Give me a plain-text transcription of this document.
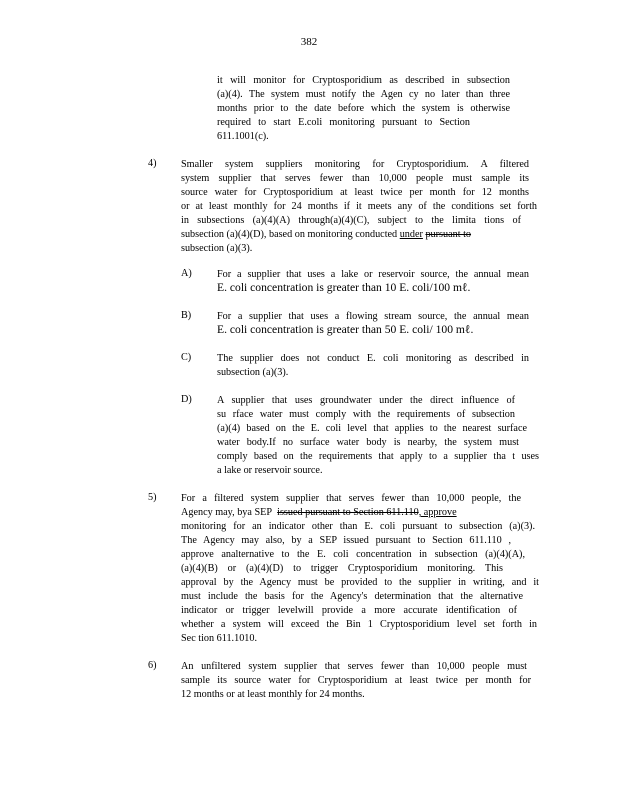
382
it will monitor for Cryptosporidium as described in subsection
(a)(4). The system must notify the Agen cy no later than three
months prior to the date before which the system is otherwise
required to start E.coli monitoring pursuant to Section
611.1001(c).
4) Smaller system suppliers monitoring for Cryptosporidium. A filtered
system supplier that serves fewer than 10,000 people must sample its
source water for Cryptosporidium at least twice per month for 12 months
or at least monthly for 24 months if it meets any of the conditions set forth
in subsections (a)(4)(A) through(a)(4)(C), subject to the limita tions of
subsection (a)(4)(D), based on monitoring conducted under pursuant to
subsection (a)(3).
A) For a supplier that uses a lake or reservoir source, the annual mean
E. coli concentration is greater than 10 E. coli/100 mℓ.
B)	For a supplier that uses a flowing stream source, the annual mean
E. coli concentration is greater than 50 E. coli/ 100 mℓ.
C)	The supplier does not conduct E. coli monitoring as described in
subsection (a)(3).
D) A supplier that uses groundwater under the direct influence of
su rface water must comply with the requirements of subsection
(a)(4) based on the E. coli level that applies to the nearest surface
water body.If no surface water body is nearby, the system must
comply based on the requirements that apply to a supplier tha t uses
a lake or reservoir source.
5) For a filtered system supplier that serves fewer than 10,000 people, the
Agency may, bya SEP issued pursuant to Section 611.110, approve
monitoring for an indicator other than E. coli pursuant to subsection (a)(3).
The Agency may also, by a SEP issued pursuant to Section 611.110 ,
approve analternative to the E. coli concentration in subsection (a)(4)(A),
(a)(4)(B) or (a)(4)(D) to trigger Cryptosporidium monitoring. This
approval by the Agency must be provided to the supplier in writing, and it
must include the basis for the Agency's determination that the alternative
indicator or trigger levelwill provide a more accurate identification of
whether a system will exceed the Bin 1 Cryptosporidium level set forth in
Sec tion 611.1010.
6) An unfiltered system supplier that serves fewer than 10,000 people must
sample its source water for Cryptosporidium at least twice per month for
12 months or at least monthly for 24 months.
